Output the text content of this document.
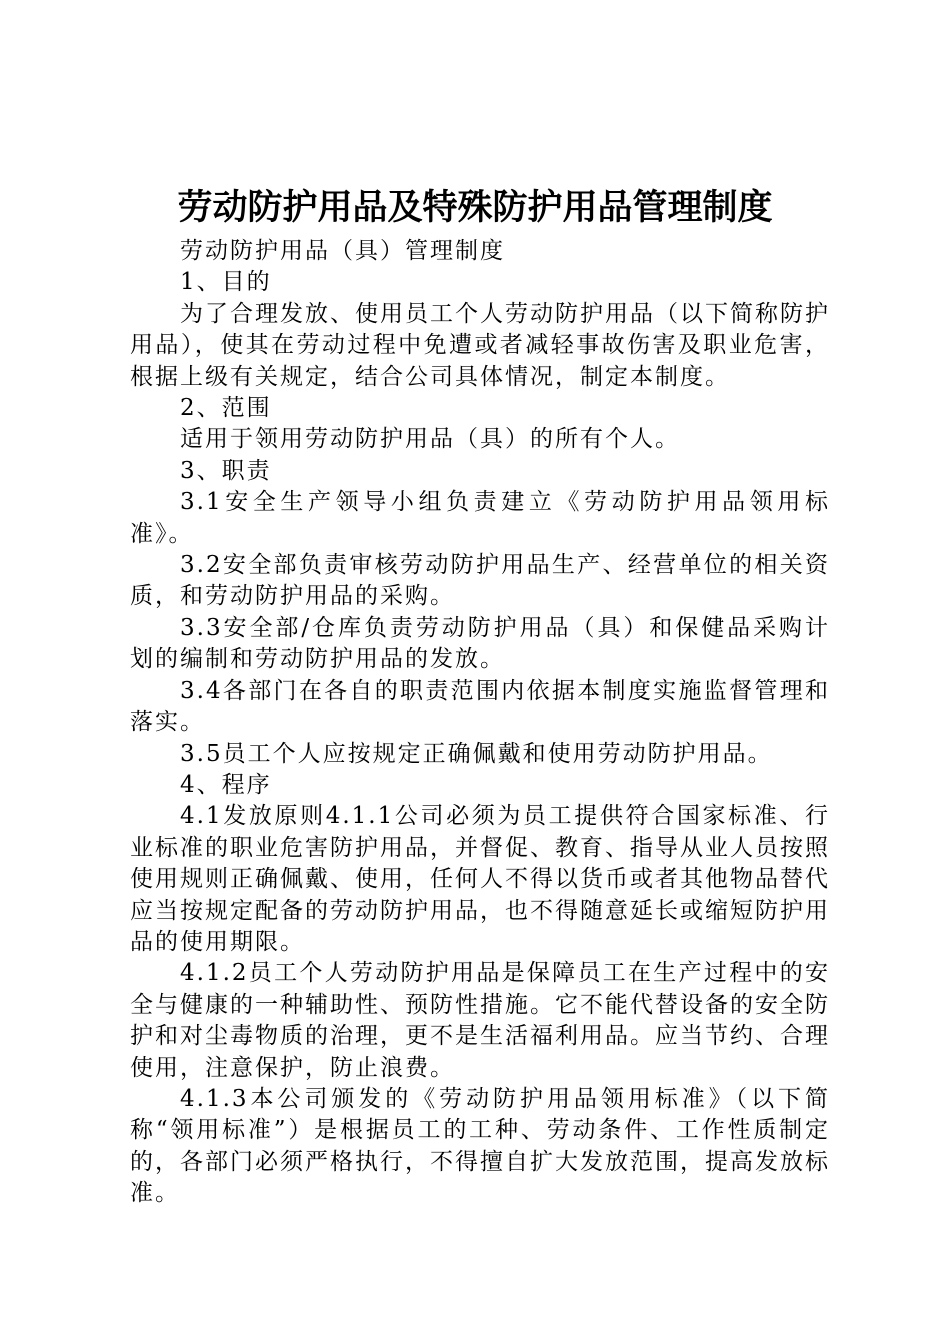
劳动防护用品及特殊防护用品管理制度

劳动防护用品（具）管理制度

1、目的

为了合理发放、使用员工个人劳动防护用品（以下简称防护用品），使其在劳动过程中免遭或者减轻事故伤害及职业危害，根据上级有关规定，结合公司具体情况，制定本制度。

2、范围

适用于领用劳动防护用品（具）的所有个人。

3、职责

3.1安全生产领导小组负责建立《劳动防护用品领用标准》。

3.2安全部负责审核劳动防护用品生产、经营单位的相关资质，和劳动防护用品的采购。

3.3安全部/仓库负责劳动防护用品（具）和保健品采购计划的编制和劳动防护用品的发放。

3.4各部门在各自的职责范围内依据本制度实施监督管理和落实。

3.5员工个人应按规定正确佩戴和使用劳动防护用品。

4、程序

4.1发放原则4.1.1公司必须为员工提供符合国家标准、行业标准的职业危害防护用品，并督促、教育、指导从业人员按照使用规则正确佩戴、使用，任何人不得以货币或者其他物品替代应当按规定配备的劳动防护用品，也不得随意延长或缩短防护用品的使用期限。

4.1.2员工个人劳动防护用品是保障员工在生产过程中的安全与健康的一种辅助性、预防性措施。它不能代替设备的安全防护和对尘毒物质的治理，更不是生活福利用品。应当节约、合理使用，注意保护，防止浪费。

4.1.3本公司颁发的《劳动防护用品领用标准》（以下简称“领用标准”）是根据员工的工种、劳动条件、工作性质制定的，各部门必须严格执行，不得擅自扩大发放范围，提高发放标准。
